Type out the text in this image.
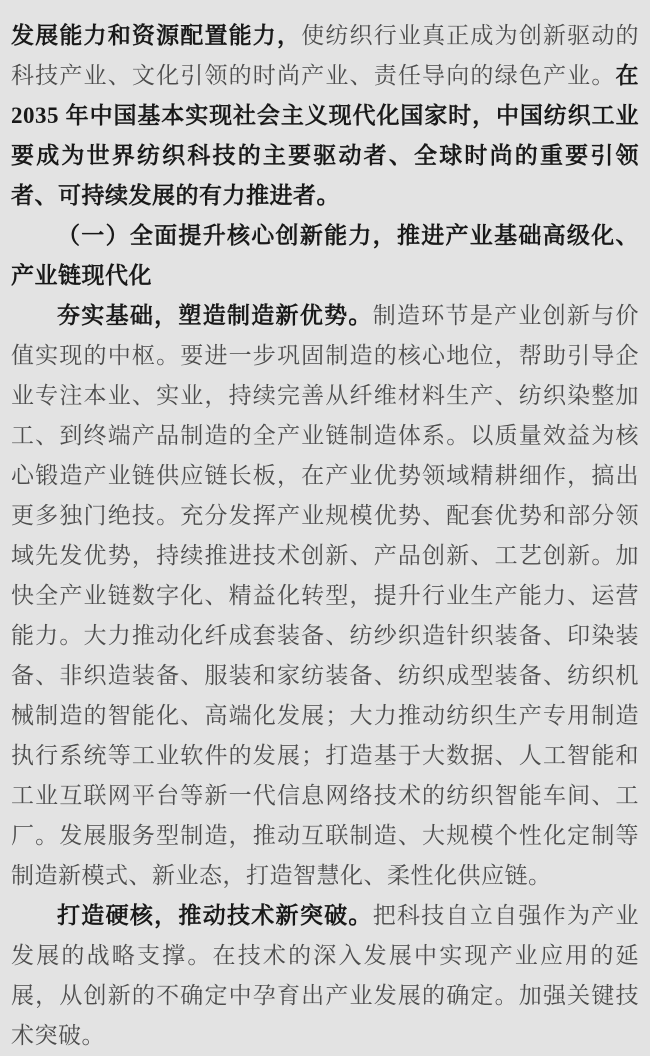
发展能力和资源配置能力，使纺织行业真正成为创新驱动的科技产业、文化引领的时尚产业、责任导向的绿色产业。在 2035 年中国基本实现社会主义现代化国家时，中国纺织工业要成为世界纺织科技的主要驱动者、全球时尚的重要引领者、可持续发展的有力推进者。

（一）全面提升核心创新能力，推进产业基础高级化、产业链现代化

夯实基础，塑造制造新优势。制造环节是产业创新与价值实现的中枢。要进一步巩固制造的核心地位，帮助引导企业专注本业、实业，持续完善从纤维材料生产、纺织染整加工、到终端产品制造的全产业链制造体系。以质量效益为核心锻造产业链供应链长板，在产业优势领域精耕细作，搞出更多独门绝技。充分发挥产业规模优势、配套优势和部分领域先发优势，持续推进技术创新、产品创新、工艺创新。加快全产业链数字化、精益化转型，提升行业生产能力、运营能力。大力推动化纤成套装备、纺纱织造针织装备、印染装备、非织造装备、服装和家纺装备、纺织成型装备、纺织机械制造的智能化、高端化发展；大力推动纺织生产专用制造执行系统等工业软件的发展；打造基于大数据、人工智能和工业互联网平台等新一代信息网络技术的纺织智能车间、工厂。发展服务型制造，推动互联制造、大规模个性化定制等制造新模式、新业态，打造智慧化、柔性化供应链。

打造硬核，推动技术新突破。把科技自立自强作为产业发展的战略支撑。在技术的深入发展中实现产业应用的延展，从创新的不确定中孕育出产业发展的确定。加强关键技术突破。
